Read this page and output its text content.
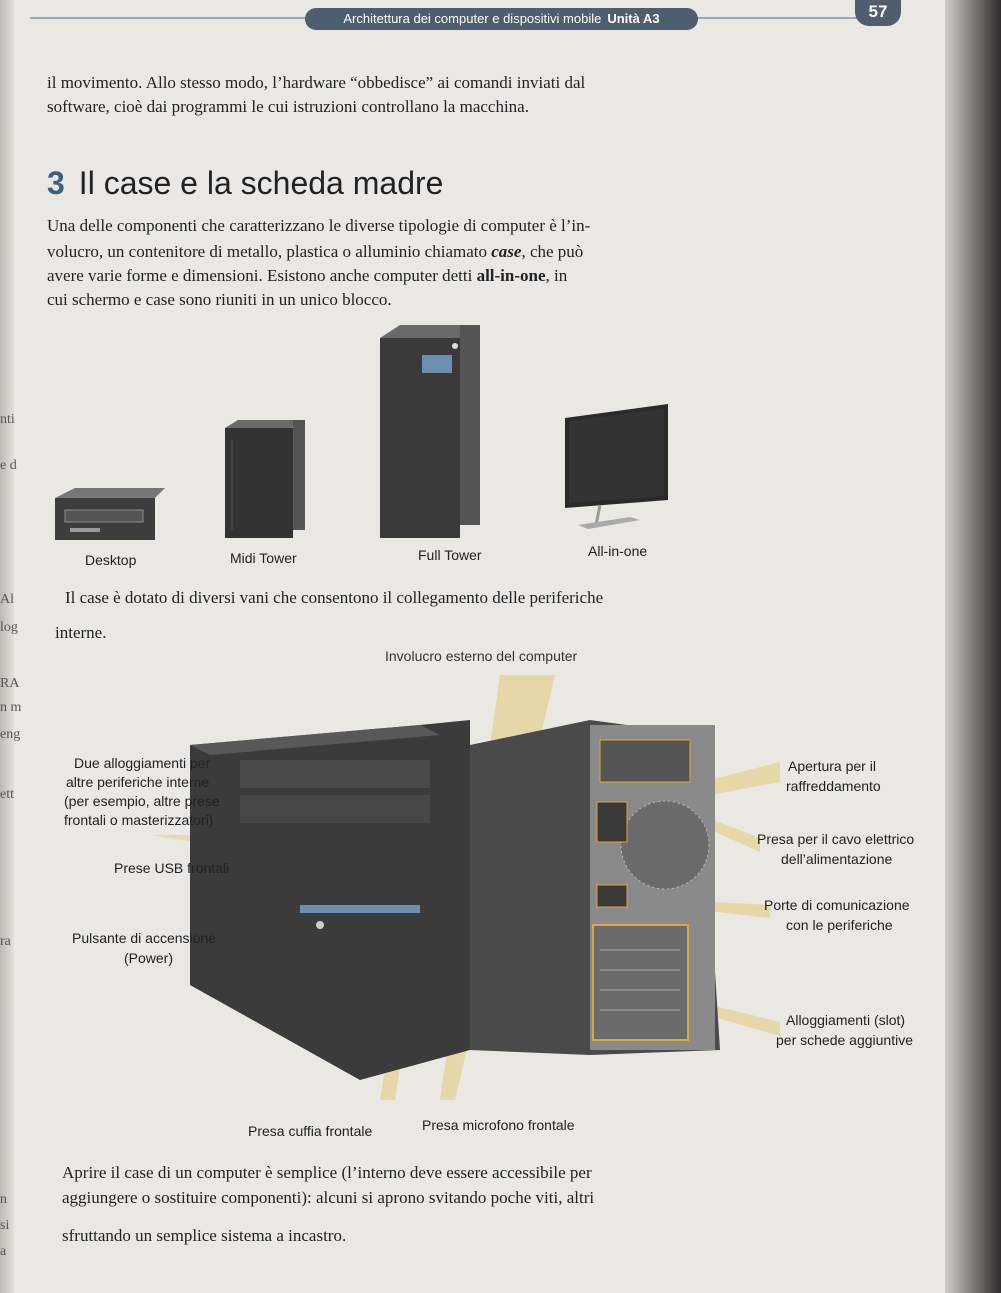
Architettura dei computer e dispositivi mobile Unità A3	57
il movimento. Allo stesso modo, l’hardware “obbedisce” ai comandi inviati dal
software, cioè dai programmi le cui istruzioni controllano la macchina.
3 Il case e la scheda madre
Una delle componenti che caratterizzano le diverse tipologie di computer è l’in-
volucro, un contenitore di metallo, plastica o alluminio chiamato case, che può
avere varie forme e dimensioni. Esistono anche computer detti all-in-one, in
cui schermo e case sono riuniti in un unico blocco.
Desktop	Midi Tower	Full Tower	All-in-one
Il case è dotato di diversi vani che consentono il collegamento delle periferiche
interne.
Involucro esterno del computer
Due alloggiamenti per
altre periferiche interne
(per esempio, altre prese
frontali o masterizzatori)
Prese USB frontali
Pulsante di accensione
(Power)
Apertura per il
raffreddamento
Presa per il cavo elettrico
dell’alimentazione
Porte di comunicazione
con le periferiche
Alloggiamenti (slot)
per schede aggiuntive
Presa cuffia frontale	Presa microfono frontale
Aprire il case di un computer è semplice (l’interno deve essere accessibile per
aggiungere o sostituire componenti): alcuni si aprono svitando poche viti, altri
sfruttando un semplice sistema a incastro.
nti
e d
Al
log
RA
n m
eng
ett
ra
n
si
a
